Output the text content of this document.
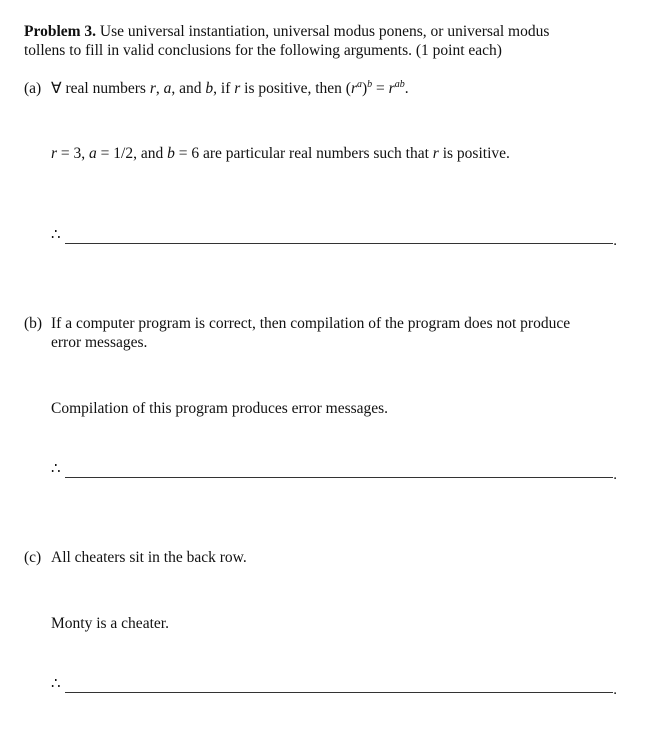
Problem 3. Use universal instantiation, universal modus ponens, or universal modus
tollens to fill in valid conclusions for the following arguments. (1 point each)
(a) ∀ real numbers r, a, and b, if r is positive, then $(r^a)^b = r^{ab}$.
r = 3, a = 1/2, and b = 6 are particular real numbers such that r is positive.
∴	.
(b) If a computer program is correct, then compilation of the program does not produce
error messages.
Compilation of this program produces error messages.
∴	.
(c) All cheaters sit in the back row.
Monty is a cheater.
∴	.
